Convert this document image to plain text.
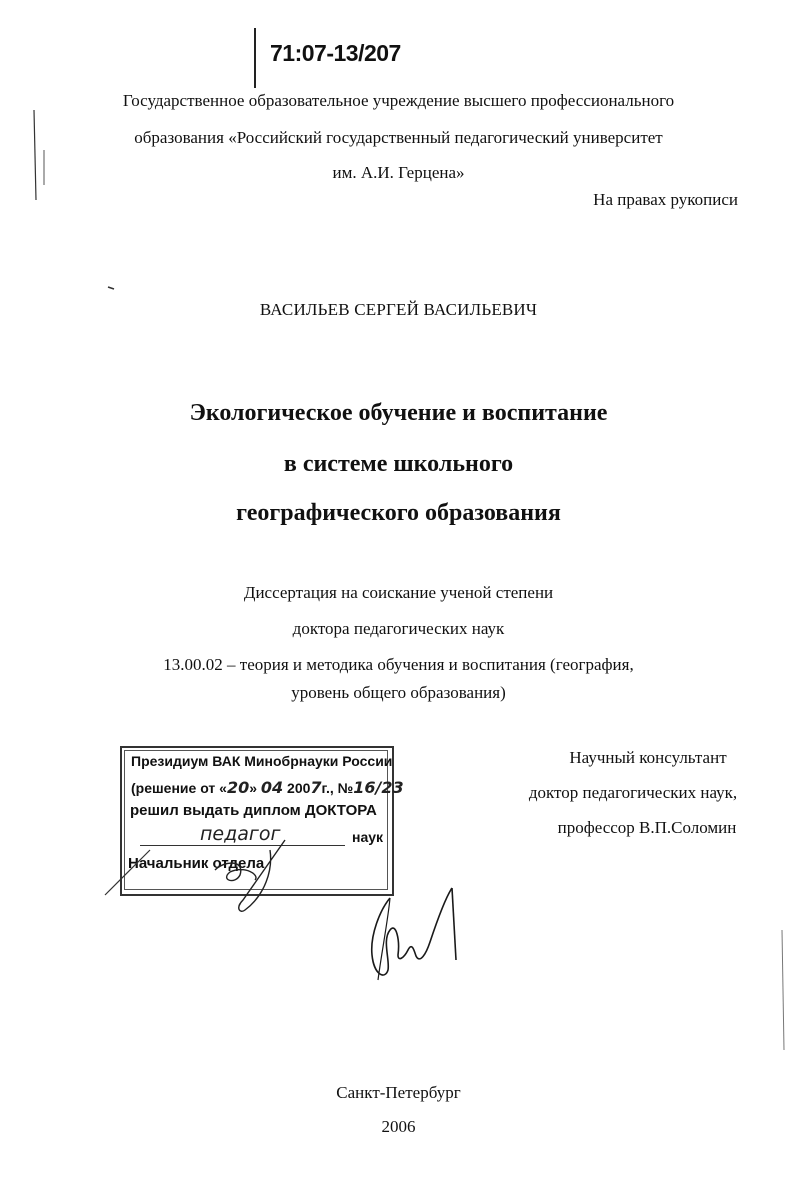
71:07-13/207
Государственное образовательное учреждение высшего профессионального
образования «Российский государственный педагогический университет
им. А.И. Герцена»
На правах рукописи
ВАСИЛЬЕВ СЕРГЕЙ ВАСИЛЬЕВИЧ
Экологическое обучение и воспитание
в системе школьного
географического образования
Диссертация на соискание ученой степени
доктора педагогических наук
13.00.02 – теория и методика обучения и воспитания (география,
уровень общего образования)
Президиум ВАК Минобрнауки России
(решение от «20» 04 2007г., №16/23
решил выдать диплом ДОКТОРА
педагог	наук
Начальник отдела
Научный консультант
доктор педагогических наук,
профессор В.П.Соломин
Санкт-Петербург
2006
